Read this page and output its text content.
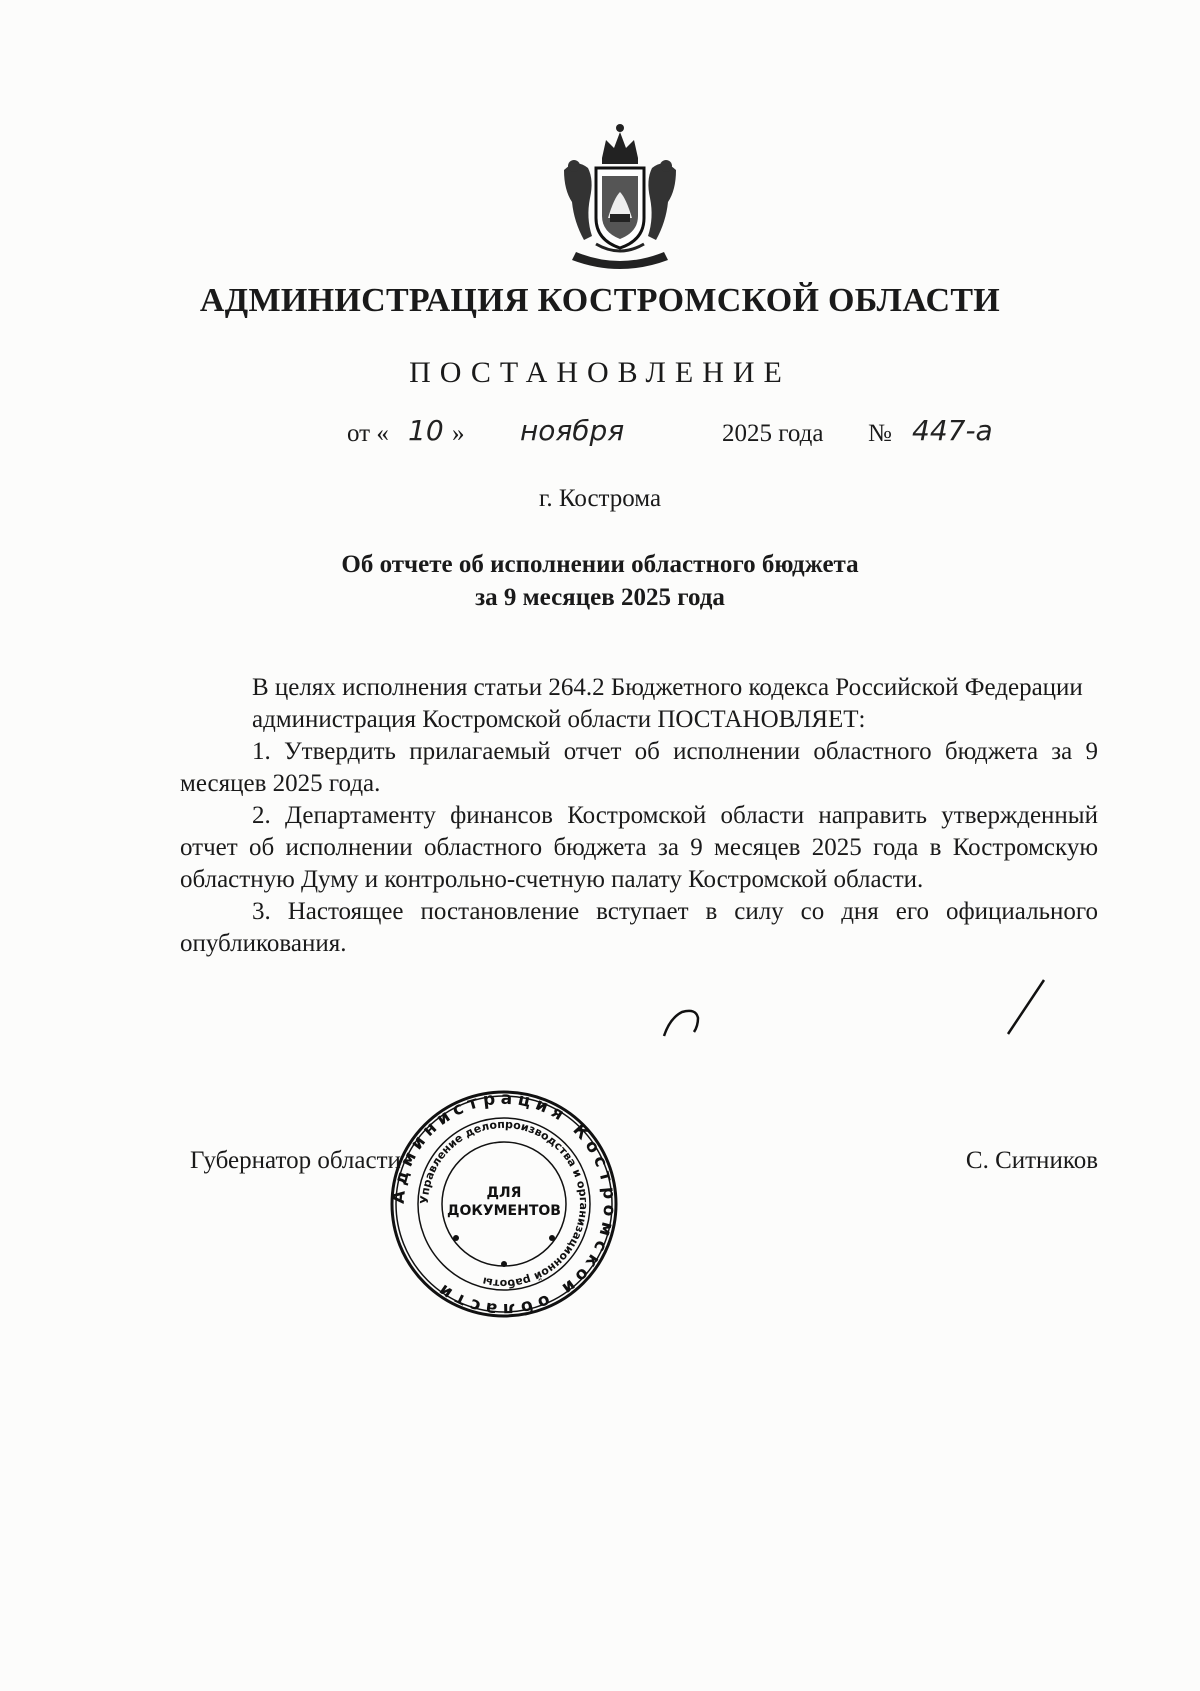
АДМИНИСТРАЦИЯ КОСТРОМСКОЙ ОБЛАСТИ
ПОСТАНОВЛЕНИЕ
от « 10 » ноября	2025 года № 447-а
г. Кострома
Об отчете об исполнении областного бюджета
за 9 месяцев 2025 года

В целях исполнения статьи 264.2 Бюджетного кодекса Российской Федерации

администрация Костромской области ПОСТАНОВЛЯЕТ:

1. Утвердить прилагаемый отчет об исполнении областного бюджета за 9 месяцев 2025 года.

2. Департаменту финансов Костромской области направить утвержденный отчет об исполнении областного бюджета за 9 месяцев 2025 года в Костромскую областную Думу и контрольно-счетную палату Костромской области.

3. Настоящее постановление вступает в силу со дня его официального опубликования.

Губернатор области	С. Ситников
Администрация Костромской области
Управление делопроизводства и организационной работы
ДЛЯ
ДОКУМЕНТОВ
